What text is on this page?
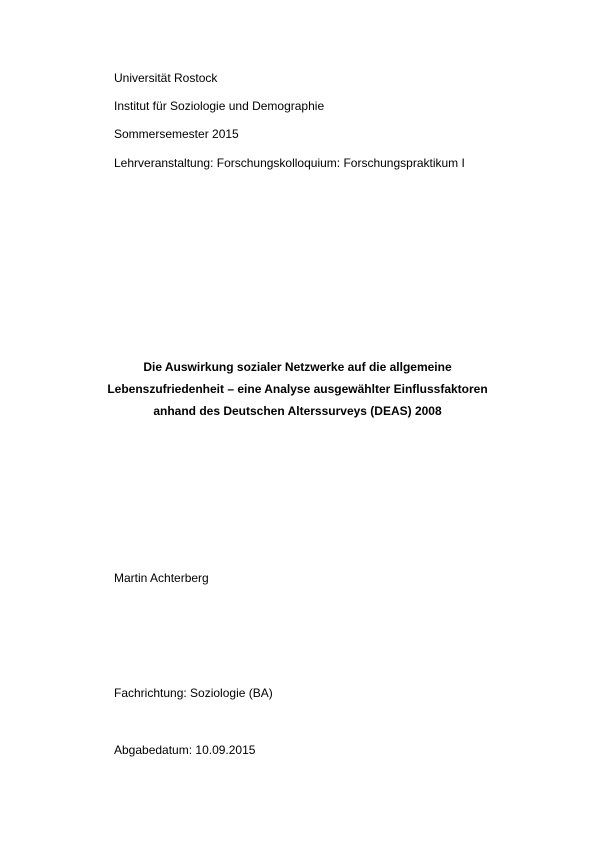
Universität Rostock

Institut für Soziologie und Demographie

Sommersemester 2015

Lehrveranstaltung: Forschungskolloquium: Forschungspraktikum I

Die Auswirkung sozialer Netzwerke auf die allgemeine
Lebenszufriedenheit – eine Analyse ausgewählter Einflussfaktoren
anhand des Deutschen Alterssurveys (DEAS) 2008

Martin Achterberg

Fachrichtung: Soziologie (BA)

Abgabedatum: 10.09.2015
